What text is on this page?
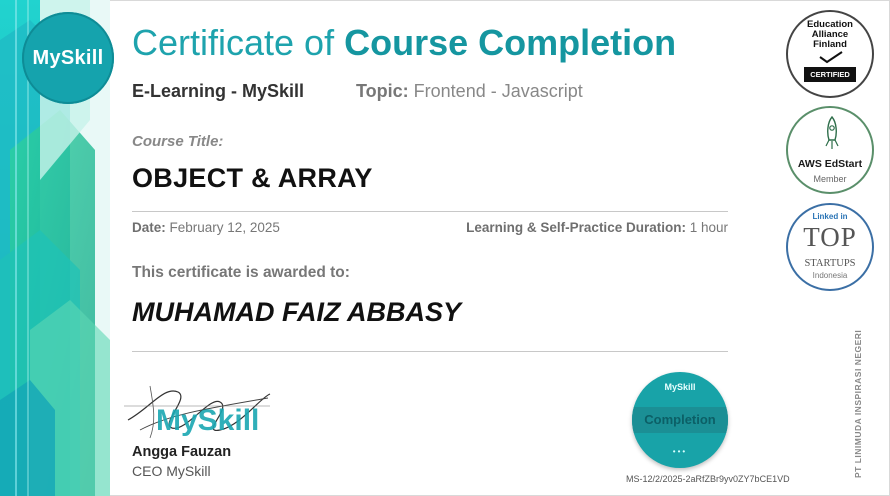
MySkill Certificate of Course Completion
E-Learning - MySkill	Topic: Frontend - Javascript
Course Title:
OBJECT & ARRAY
Date: February 12, 2025	Learning & Self-Practice Duration: 1 hour
This certificate is awarded to:
MUHAMAD FAIZ ABBASY
MySkill
Angga Fauzan
CEO MySkill
MySkill
Completion
•••
MS-12/2/2025-2aRfZBr9yv0ZY7bCE1VD
Education
Alliance
Finland
CERTIFIED
AWS EdStart
Member
Linked in
TOP
STARTUPS
Indonesia
PT LINIMUDA INSPIRASI NEGERI
